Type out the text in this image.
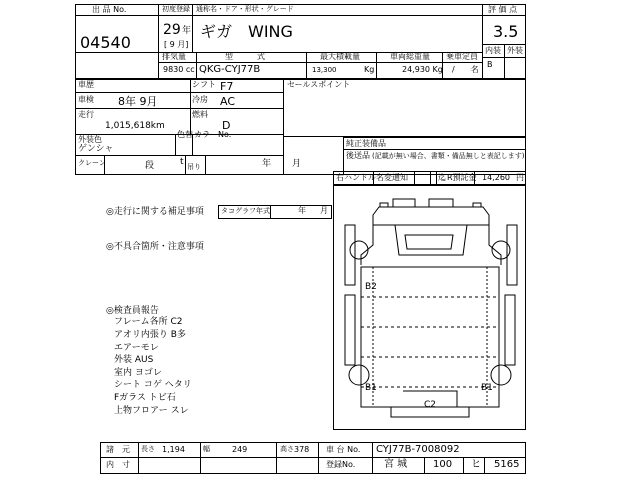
出 品 No.
04540
初度登録
29 年
[ 9 月]
通称名・ドア・形状・グレード
ギガ　WING
排気量	型　　　式	最大積載量	車両総重量 乗車定員
9830 cc QKG-CYJ77B	13,300	Kg	24,930 Kg /　　名
評 価 点
3.5
内装 外装
B
車歴	シフト F7
車検 8年 9月	冷房 AC
走行
1,015,618km
燃料
D
外装色
ゲンシャ
色替 カラーNo.
クレーン	段	t 吊り	年 月
セールスポイント
純正装備品
後送品 (記載が無い場合、書類・備品無しと表記します)
右ハンドル 名変通知	迄 R預託金 14,260 円
◎走行に関する補足事項 タコグラフ年式	年 月
◎不具合箇所・注意事項
◎検査員報告
フレーム各所 C2
アオリ内張り B多
エアーモレ
外装 AUS
室内 ヨゴレ
シート コゲ ヘタリ
Fガラス トビ石
上物フロアー スレ
B2
B1	B1
C2
諸　元 長さ 1,194	幅	249	高さ 378
内　寸
車 台 No. CYJ77B-7008092
登録No.	宮 城	100 ヒ 5165
